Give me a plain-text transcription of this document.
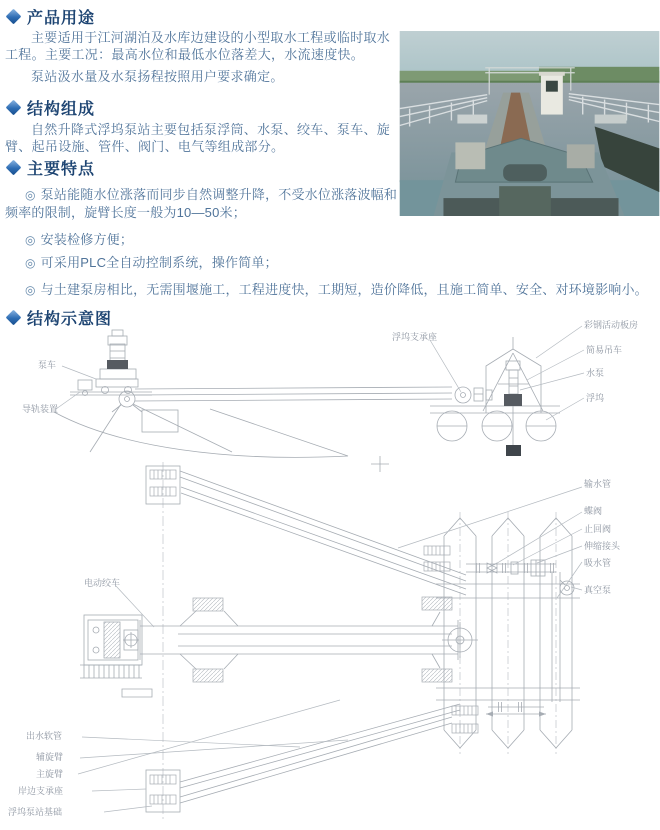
产品用途
主要适用于江河湖泊及水库边建设的小型取水工程或临时取水工程。主要工况：最高水位和最低水位落差大，水流速度快。
泵站汲水量及水泵扬程按照用户要求确定。
结构组成
自然升降式浮坞泵站主要包括泵浮筒、水泵、绞车、泵车、旋臂、起吊设施、管件、阀门、电气等组成部分。
主要特点
◎ 泵站能随水位涨落而同步自然调整升降，不受水位涨落波幅和频率的限制，旋臂长度一般为10—50米；
◎ 安装检修方便；
◎ 可采用PLC全自动控制系统，操作简单；
◎ 与土建泵房相比，无需围堰施工，工程进度快，工期短，造价降低，且施工简单、安全、对环境影响小。
结构示意图
泵车
导轨装置
浮坞支承座
彩钢活动板房
简易吊车
水泵
浮坞
输水管
蝶阀
止回阀
伸缩接头
吸水管
真空泵
电动绞车
出水软管
辅旋臂
主旋臂
岸边支承座
浮坞泵站基础
